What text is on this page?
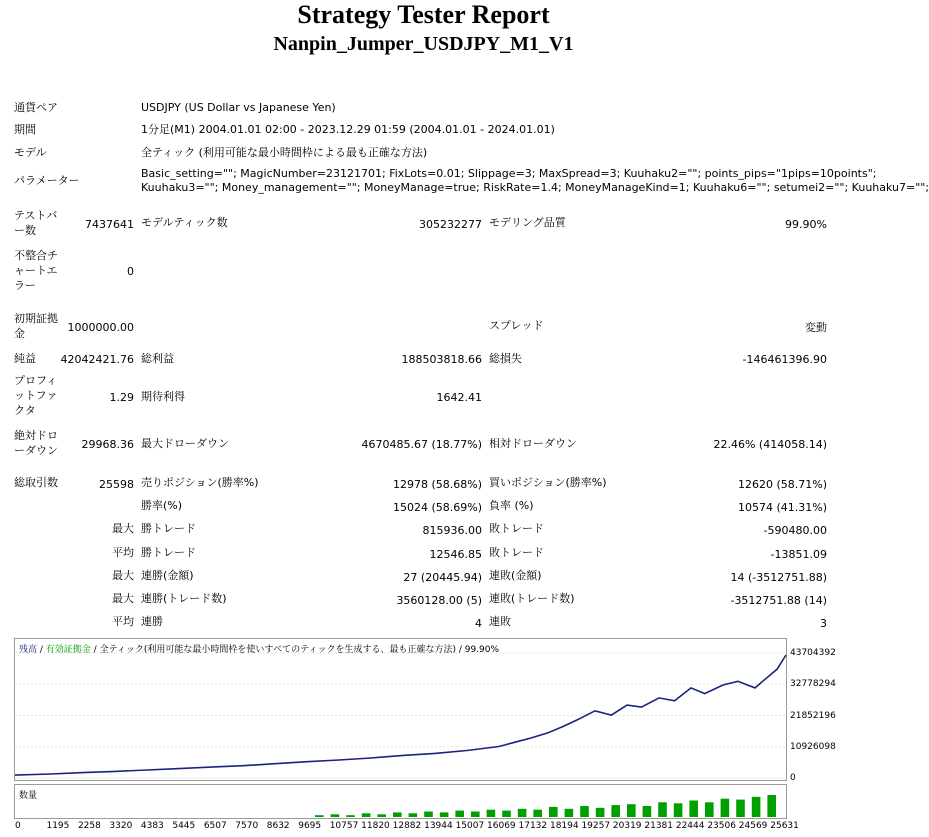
Strategy Tester Report
Nanpin_Jumper_USDJPY_M1_V1
通貨ペア	USDJPY (US Dollar vs Japanese Yen)
期間	1分足(M1) 2004.01.01 02:00 - 2023.12.29 01:59 (2004.01.01 - 2024.01.01)
モデル	全ティック (利用可能な最小時間枠による最も正確な方法)
パラメーター
Basic_setting=""; MagicNumber=23121701; FixLots=0.01; Slippage=3; MaxSpread=3; Kuuhaku2=""; points_pips="1pips=10points";
Kuuhaku3=""; Money_management=""; MoneyManage=true; RiskRate=1.4; MoneyManageKind=1; Kuuhaku6=""; setumei2=""; Kuuhaku7="";
テストバ
ー数	7437641 モデルティック数	305232277 モデリング品質	99.90%
不整合チ
ャートエ
ラー
0
初期証拠
金	1000000.00	スプレッド	変動
純益 42042421.76 総利益	188503818.66 総損失	-146461396.90
プロフィ
ットファ
クタ
1.29 期待利得	1642.41
絶対ドロ
ーダウン 29968.36 最大ドローダウン	4670485.67 (18.77%) 相対ドローダウン	22.46% (414058.14)
総取引数	25598 売りポジション(勝率%)	12978 (58.68%) 買いポジション(勝率%)	12620 (58.71%)
勝率(%)	15024 (58.69%) 負率 (%)	10574 (41.31%)
最大 勝トレード	815936.00 敗トレード	-590480.00
平均 勝トレード	12546.85 敗トレード	-13851.09
最大 連勝(金額)	27 (20445.94) 連敗(金額)	14 (-3512751.88)
最大 連勝(トレード数)	3560128.00 (5) 連敗(トレード数)	-3512751.88 (14)
平均 連勝	4 連敗	3
残高 / 有効証拠金 / 全ティック(利用可能な最小時間枠を使いすべてのティックを生成する、最も正確な方法) / 99.90%	43704392
32778294
21852196
10926098
0
数量
0	1195 2258 3320 4383 5445 6507 7570 8632 9695 10757 11820 12882 13944 15007 16069 17132 18194 19257 20319 21381 22444 23506 24569 25631
